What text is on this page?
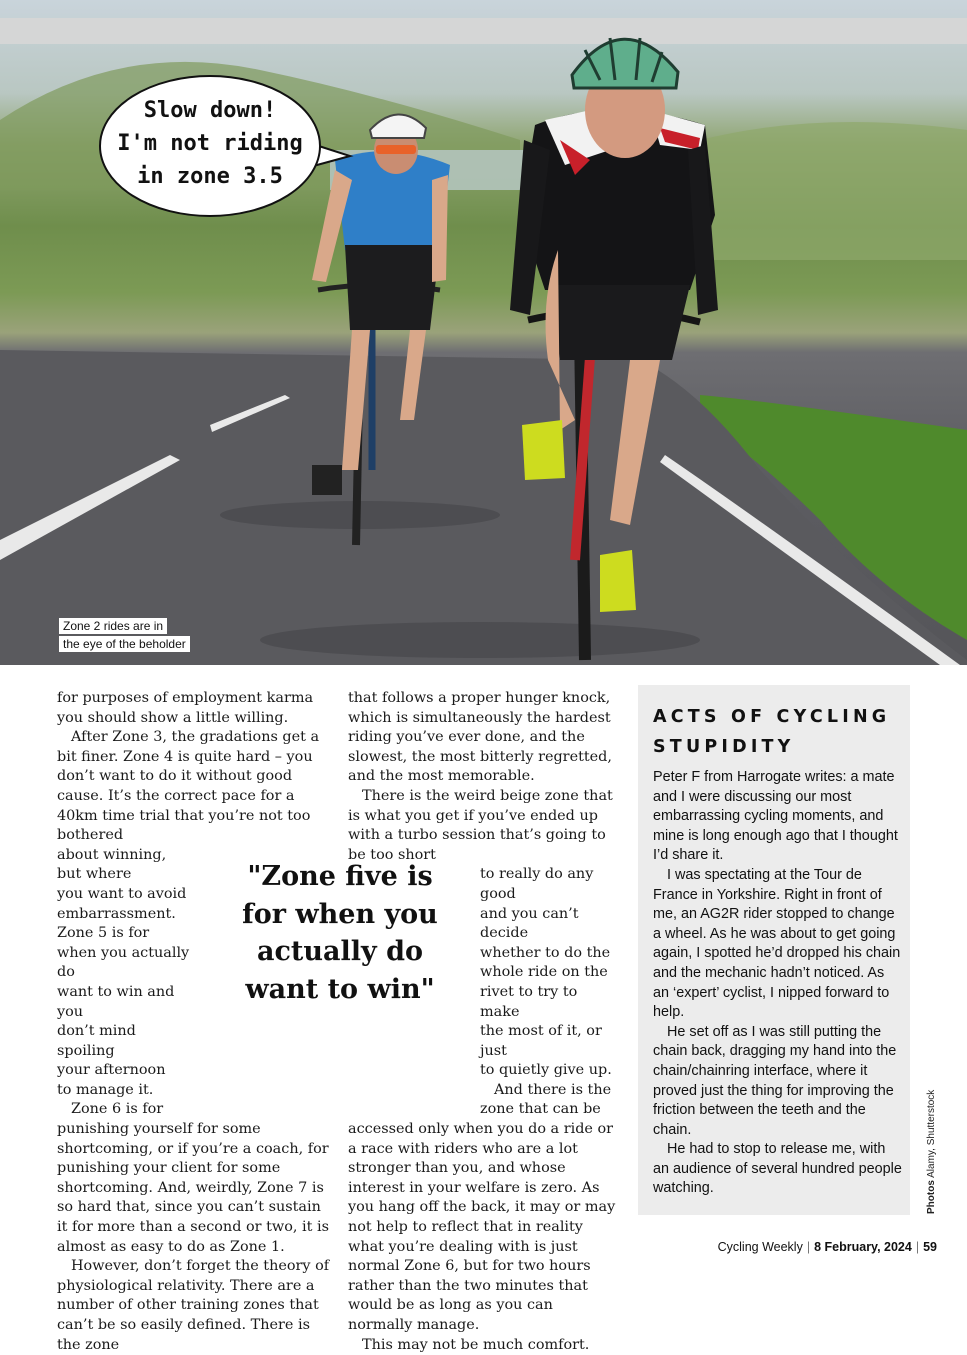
Slow down!
I'm not riding
in zone 3.5
Zone 2 rides are in
the eye of the beholder

for purposes of employment karma you should show a little willing.

After Zone 3, the gradations get a bit finer. Zone 4 is quite hard – you don’t want to do it without good cause. It’s the correct pace for a 40km time trial that you’re not too bothered

about winning, but where
you want to avoid
embarrassment.
Zone 5 is for
when you actually do
want to win and you
don’t mind spoiling
your afternoon
to manage it.

Zone 6 is for

punishing yourself for some shortcoming, or if you’re a coach, for punishing your client for some shortcoming. And, weirdly, Zone 7 is so hard that, since you can’t sustain it for more than a second or two, it is almost as easy to do as Zone 1.

However, don’t forget the theory of physiological relativity. There are a number of other training zones that can’t be so easily defined. There is the zone

that follows a proper hunger knock, which is simultaneously the hardest riding you’ve ever done, and the slowest, the most bitterly regretted, and the most memorable.

There is the weird beige zone that is what you get if you’ve ended up with a turbo session that’s going to be too short

to really do any good
and you can’t decide
whether to do the
whole ride on the
rivet to try to make
the most of it, or just
to quietly give up.
And there is the
zone that can be

accessed only when you do a ride or a race with riders who are a lot stronger than you, and whose interest in your welfare is zero. As you hang off the back, it may or may not help to reflect that in reality what you’re dealing with is just normal Zone 6, but for two hours rather than the two minutes that would be as long as you can normally manage.

This may not be much comfort.

"Zone five is for when you actually do want to win"
ACTS OF CYCLING
STUPIDITY

Peter F from Harrogate writes: a mate and I were discussing our most embarrassing cycling moments, and mine is long enough ago that I thought I’d share it.

I was spectating at the Tour de France in Yorkshire. Right in front of me, an AG2R rider stopped to change a wheel. As he was about to get going again, I spotted he’d dropped his chain and the mechanic hadn’t noticed. As an ‘expert’ cyclist, I nipped forward to help.

He set off as I was still putting the chain back, dragging my hand into the chain/chainring interface, where it proved just the thing for improving the friction between the teeth and the chain.

He had to stop to release me, with an audience of several hundred people watching.	Photos Alamy, Shutterstock
Cycling Weekly | 8 February, 2024 | 59
